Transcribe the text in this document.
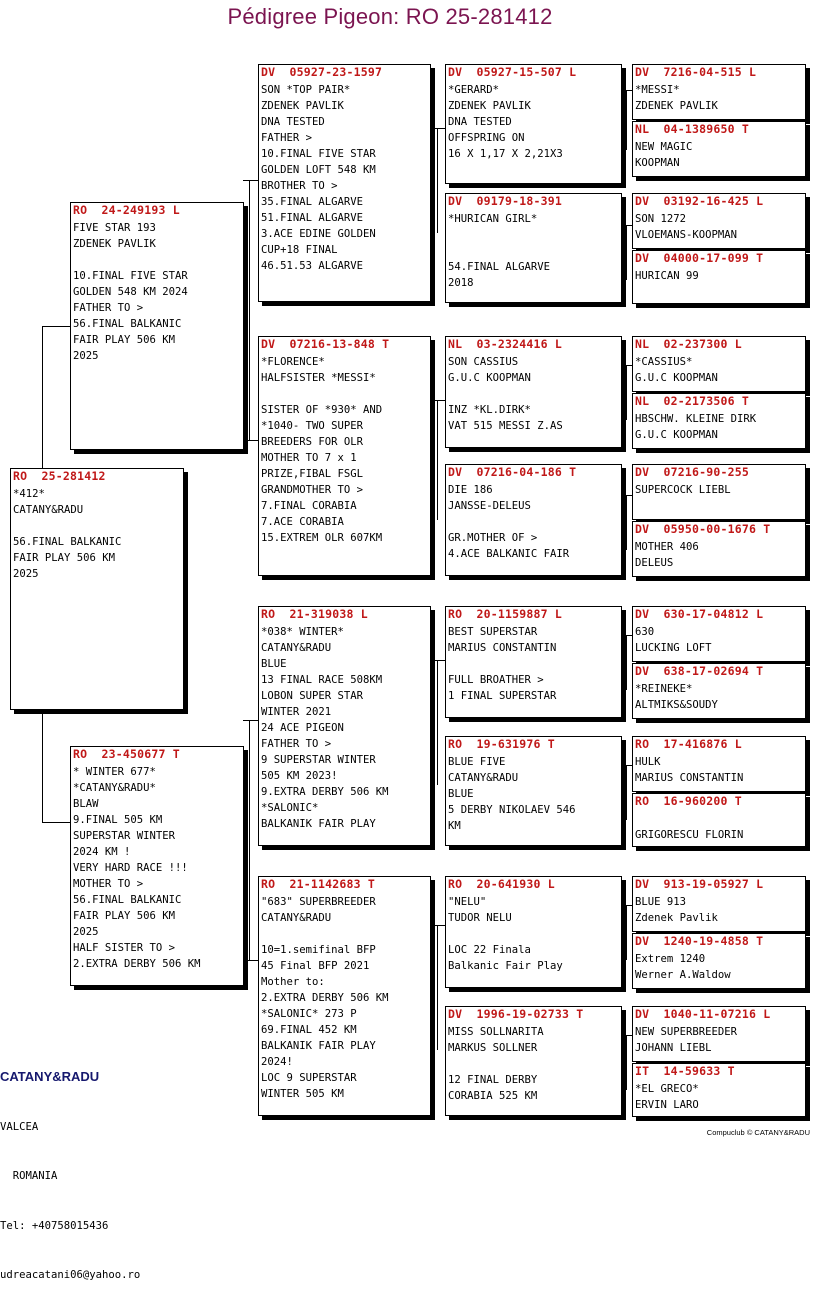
Pédigree Pigeon: RO 25-281412
RO  25-281412
*412*
CATANY&RADU

56.FINAL BALKANIC
FAIR PLAY 506 KM
2025
RO  24-249193 L
FIVE STAR 193
ZDENEK PAVLIK

10.FINAL FIVE STAR
GOLDEN 548 KM 2024
FATHER TO >
56.FINAL BALKANIC
FAIR PLAY 506 KM
2025
RO  23-450677 T
* WINTER 677*
*CATANY&RADU*
BLAW
9.FINAL 505 KM
SUPERSTAR WINTER
2024 KM !
VERY HARD RACE !!!
MOTHER TO >
56.FINAL BALKANIC
FAIR PLAY 506 KM
2025
HALF SISTER TO >
2.EXTRA DERBY 506 KM
DV  05927-23-1597
SON *TOP PAIR*
ZDENEK PAVLIK
DNA TESTED
FATHER >
10.FINAL FIVE STAR
GOLDEN LOFT 548 KM
BROTHER TO >
35.FINAL ALGARVE
51.FINAL ALGARVE
3.ACE EDINE GOLDEN
CUP+18 FINAL
46.51.53 ALGARVE
DV  07216-13-848 T
*FLORENCE*
HALFSISTER *MESSI*

SISTER OF *930* AND
*1040- TWO SUPER
BREEDERS FOR OLR
MOTHER TO 7 x 1
PRIZE,FIBAL FSGL
GRANDMOTHER TO >
7.FINAL CORABIA
7.ACE CORABIA
15.EXTREM OLR 607KM
RO  21-319038 L
*038* WINTER*
CATANY&RADU
BLUE
13 FINAL RACE 508KM
LOBON SUPER STAR
WINTER 2021
24 ACE PIGEON
FATHER TO >
9 SUPERSTAR WINTER
505 KM 2023!
9.EXTRA DERBY 506 KM
*SALONIC*
BALKANIK FAIR PLAY
RO  21-1142683 T
"683" SUPERBREEDER
CATANY&RADU

10=1.semifinal BFP
45 Final BFP 2021
Mother to:
2.EXTRA DERBY 506 KM
*SALONIC* 273 P
69.FINAL 452 KM
BALKANIK FAIR PLAY
2024!
LOC 9 SUPERSTAR
WINTER 505 KM
DV  05927-15-507 L
*GERARD*
ZDENEK PAVLIK
DNA TESTED
OFFSPRING ON
16 X 1,17 X 2,21X3
DV  09179-18-391
*HURICAN GIRL*

54.FINAL ALGARVE
2018
NL  03-2324416 L
SON CASSIUS
G.U.C KOOPMAN

INZ *KL.DIRK*
VAT 515 MESSI Z.AS
DV  07216-04-186 T
DIE 186
JANSSE-DELEUS

GR.MOTHER OF >
4.ACE BALKANIC FAIR
RO  20-1159887 L
BEST SUPERSTAR
MARIUS CONSTANTIN

FULL BROATHER >
1 FINAL SUPERSTAR
RO  19-631976 T
BLUE FIVE
CATANY&RADU
BLUE
5 DERBY NIKOLAEV 546
KM
RO  20-641930 L
"NELU"
TUDOR NELU

LOC 22 Finala
Balkanic Fair Play
DV  1996-19-02733 T
MISS SOLLNARITA
MARKUS SOLLNER

12 FINAL DERBY
CORABIA 525 KM
DV  7216-04-515 L
*MESSI*
ZDENEK PAVLIK
NL  04-1389650 T
NEW MAGIC
KOOPMAN
DV  03192-16-425 L
SON 1272
VLOEMANS-KOOPMAN
DV  04000-17-099 T
HURICAN 99
NL  02-237300 L
*CASSIUS*
G.U.C KOOPMAN
NL  02-2173506 T
HBSCHW. KLEINE DIRK
G.U.C KOOPMAN
DV  07216-90-255
SUPERCOCK LIEBL
DV  05950-00-1676 T
MOTHER 406
DELEUS
DV  630-17-04812 L
630
LUCKING LOFT
DV  638-17-02694 T
*REINEKE*
ALTMIKS&SOUDY
RO  17-416876 L
HULK
MARIUS CONSTANTIN
RO  16-960200 T

GRIGORESCU FLORIN
DV  913-19-05927 L
BLUE 913
Zdenek Pavlik
DV  1240-19-4858 T
Extrem 1240
Werner A.Waldow
DV  1040-11-07216 L
NEW SUPERBREEDER
JOHANN LIEBL
IT  14-59633 T
*EL GRECO*
ERVIN LARO

CATANY&RADU

VALCEA

ROMANIA

Tel: +40758015436

udreacatani06@yahoo.ro

Compuclub © CATANY&RADU
